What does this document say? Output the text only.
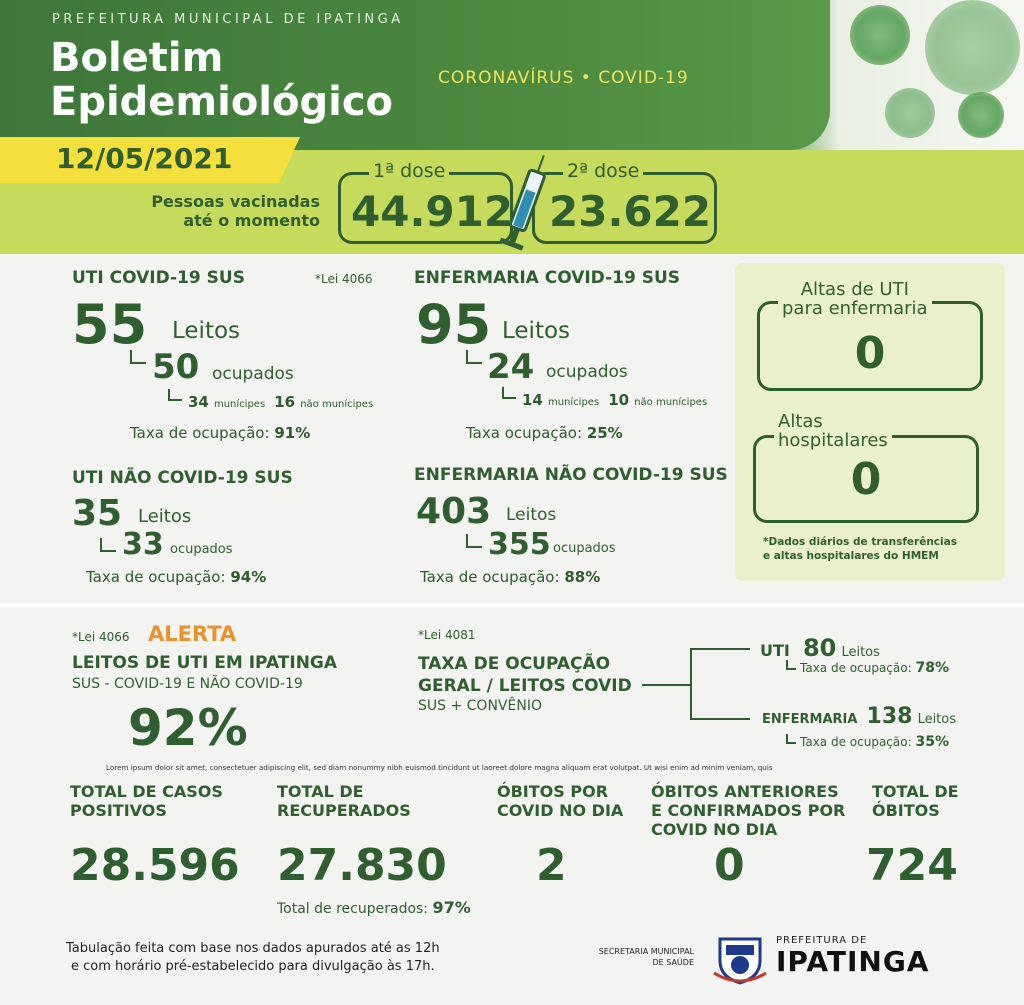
PREFEITURA MUNICIPAL DE IPATINGA
Boletim
Epidemiológico
CORONAVÍRUS • COVID-19
12/05/2021
Pessoas vacinadas
até o momento
1ª dose
44.912
2ª dose
23.622
UTI COVID-19 SUS	*Lei 4066
55 Leitos
50 ocupados
34 munícipes 16 não munícipes
Taxa de ocupação: 91%
ENFERMARIA COVID-19 SUS
95 Leitos
24 ocupados
14 munícipes 10 não munícipes
Taxa ocupação: 25%
UTI NÃO COVID-19 SUS
35 Leitos
33 ocupados
Taxa de ocupação: 94%
ENFERMARIA NÃO COVID-19 SUS
403 Leitos
355 ocupados
Taxa de ocupação: 88%
Altas de UTI
para enfermaria
0
Altas
hospitalares
0
*Dados diários de transferências
e altas hospitalares do HMEM
*Lei 4066 ALERTA
LEITOS DE UTI EM IPATINGA
SUS - COVID-19 E NÃO COVID-19
92%
*Lei 4081
TAXA DE OCUPAÇÃO
GERAL / LEITOS COVID
SUS + CONVÊNIO
UTI 80 Leitos
Taxa de ocupação: 78%
ENFERMARIA 138 Leitos
Taxa de ocupação: 35%
Lorem ipsum dolor sit amet, consectetuer adipiscing elit, sed diam nonummy nibh euismod tincidunt ut laoreet dolore magna aliquam erat volutpat. Ut wisi enim ad minim veniam, quis
TOTAL DE CASOS
POSITIVOS
28.596
TOTAL DE
RECUPERADOS
27.830
Total de recuperados: 97%
ÓBITOS POR
COVID NO DIA
2
ÓBITOS ANTERIORES
E CONFIRMADOS POR
COVID NO DIA
0
TOTAL DE
ÓBITOS
724
Tabulação feita com base nos dados apurados até as 12h
e com horário pré-estabelecido para divulgação às 17h.
SECRETARIA MUNICIPAL
DE SAÚDE
PREFEITURA DE
IPATINGA
